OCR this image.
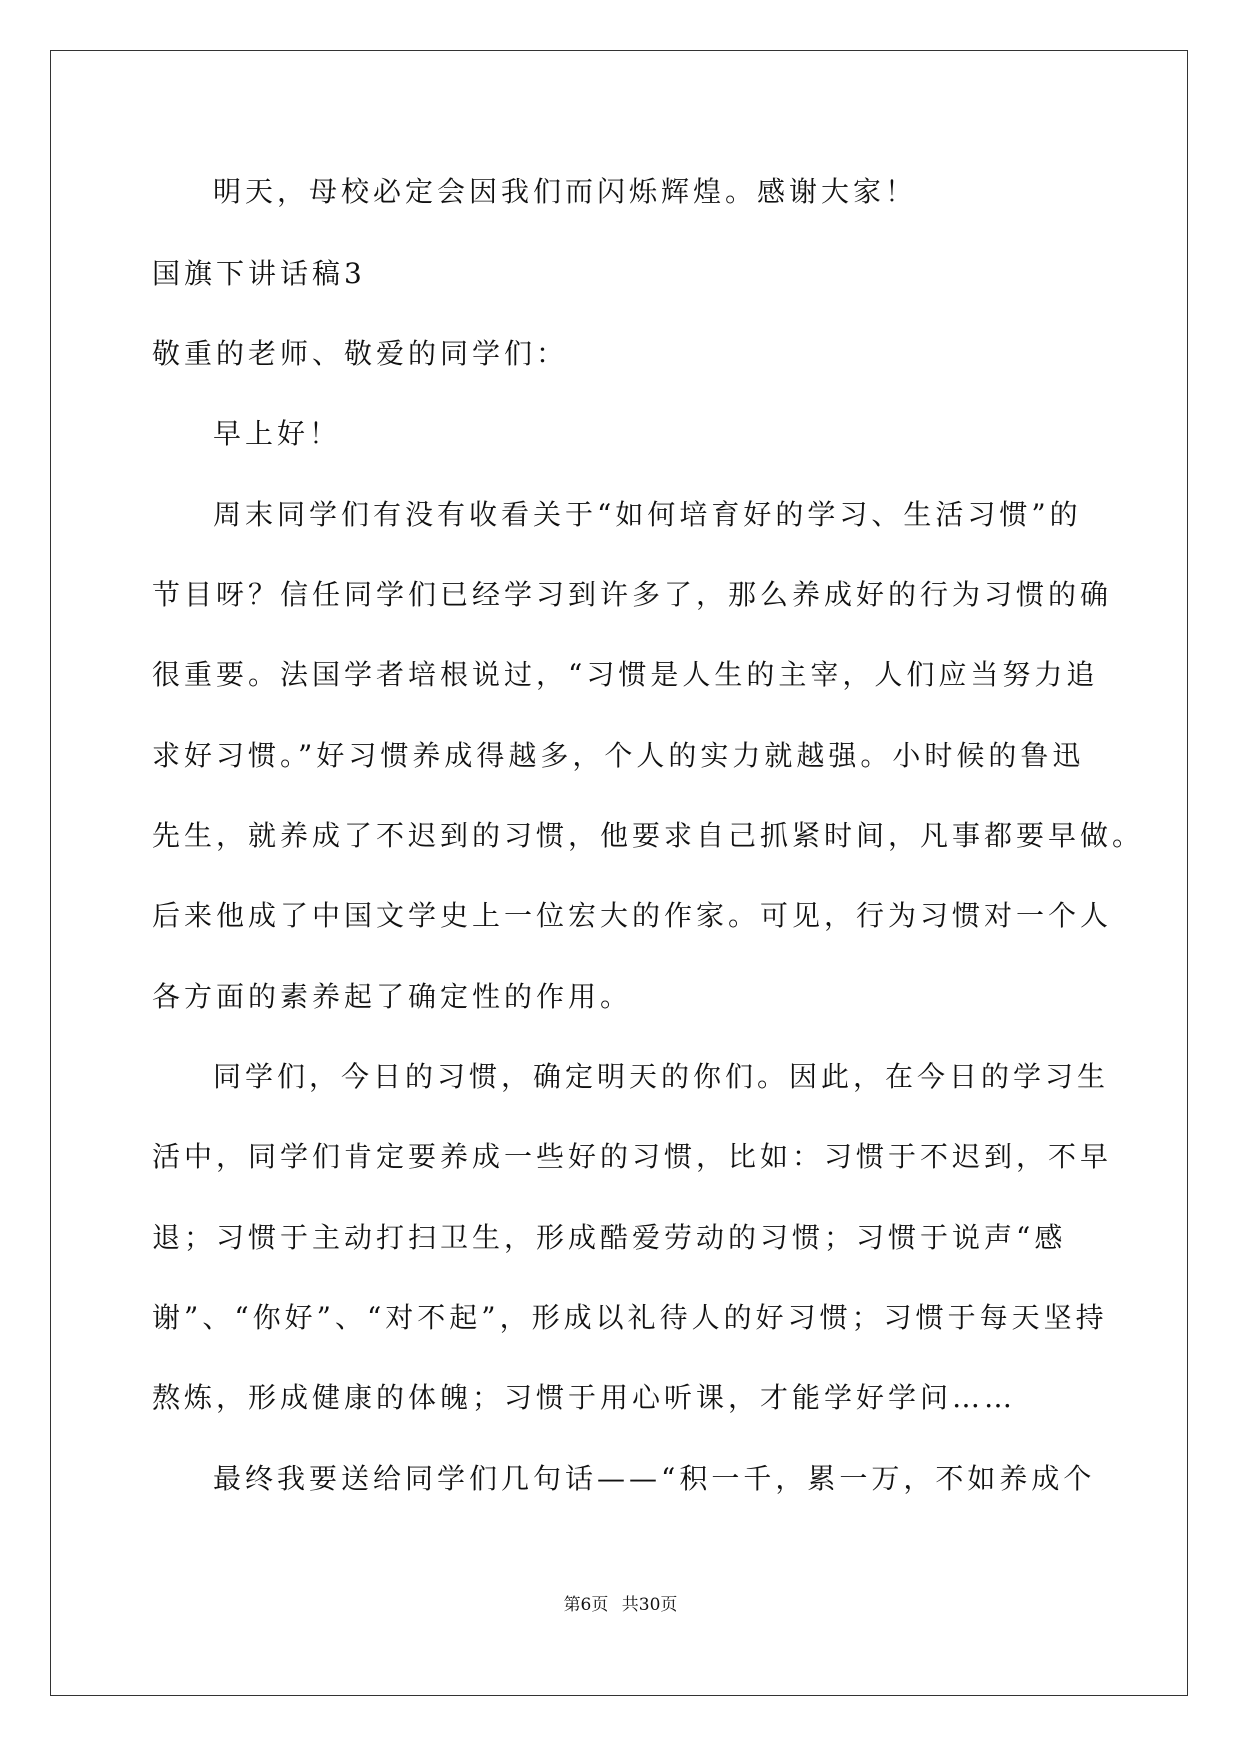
明天，母校必定会因我们而闪烁辉煌。感谢大家！
国旗下讲话稿3
敬重的老师、敬爱的同学们：
早上好！
周末同学们有没有收看关于“如何培育好的学习、生活习惯”的
节目呀？信任同学们已经学习到许多了，那么养成好的行为习惯的确
很重要。法国学者培根说过，“习惯是人生的主宰，人们应当努力追
求好习惯。”好习惯养成得越多，个人的实力就越强。小时候的鲁迅
先生，就养成了不迟到的习惯，他要求自己抓紧时间，凡事都要早做。
后来他成了中国文学史上一位宏大的作家。可见，行为习惯对一个人
各方面的素养起了确定性的作用。
同学们，今日的习惯，确定明天的你们。因此，在今日的学习生
活中，同学们肯定要养成一些好的习惯，比如：习惯于不迟到，不早
退；习惯于主动打扫卫生，形成酷爱劳动的习惯；习惯于说声“感
谢”、“你好”、“对不起”，形成以礼待人的好习惯；习惯于每天坚持
熬炼，形成健康的体魄；习惯于用心听课，才能学好学问……
最终我要送给同学们几句话——“积一千，累一万，不如养成个
第6页 共30页
